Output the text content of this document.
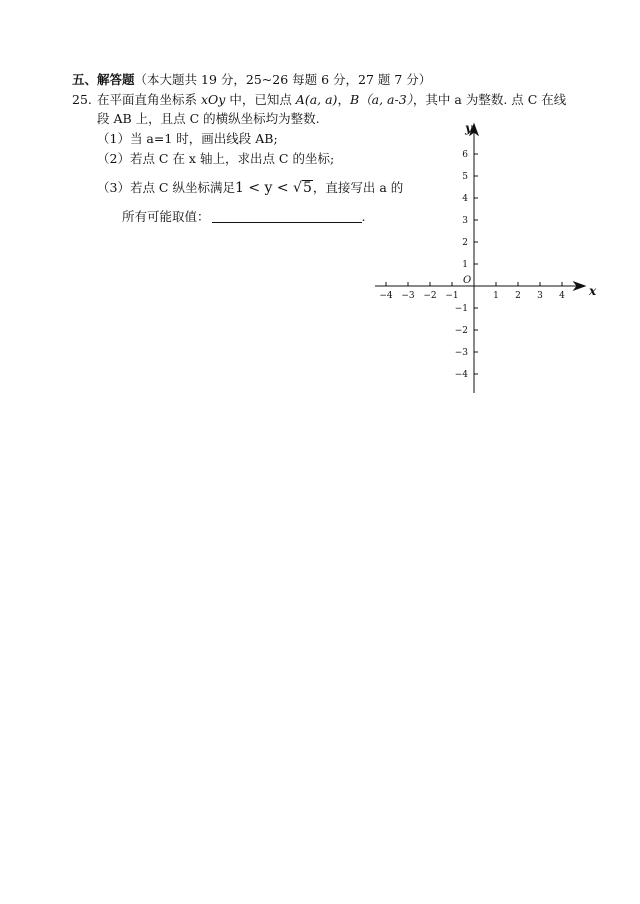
五、解答题（本大题共 19 分，25~26 每题 6 分，27 题 7 分）
25. 在平面直角坐标系 xOy 中，已知点 A(a, a)，B（a, a-3），其中 a 为整数. 点 C 在线
段 AB 上，且点 C 的横纵坐标均为整数.
（1）当 a=1 时，画出线段 AB;
（2）若点 C 在 x 轴上，求出点 C 的坐标;
（3）若点 C 纵坐标满足1 < y < √5，直接写出 a 的
所有可能取值：	.
−4 −3 −2 −1	1 2 3 4
6
5
4
3
2
1
−1
−2
−3
−4
x
y
O
